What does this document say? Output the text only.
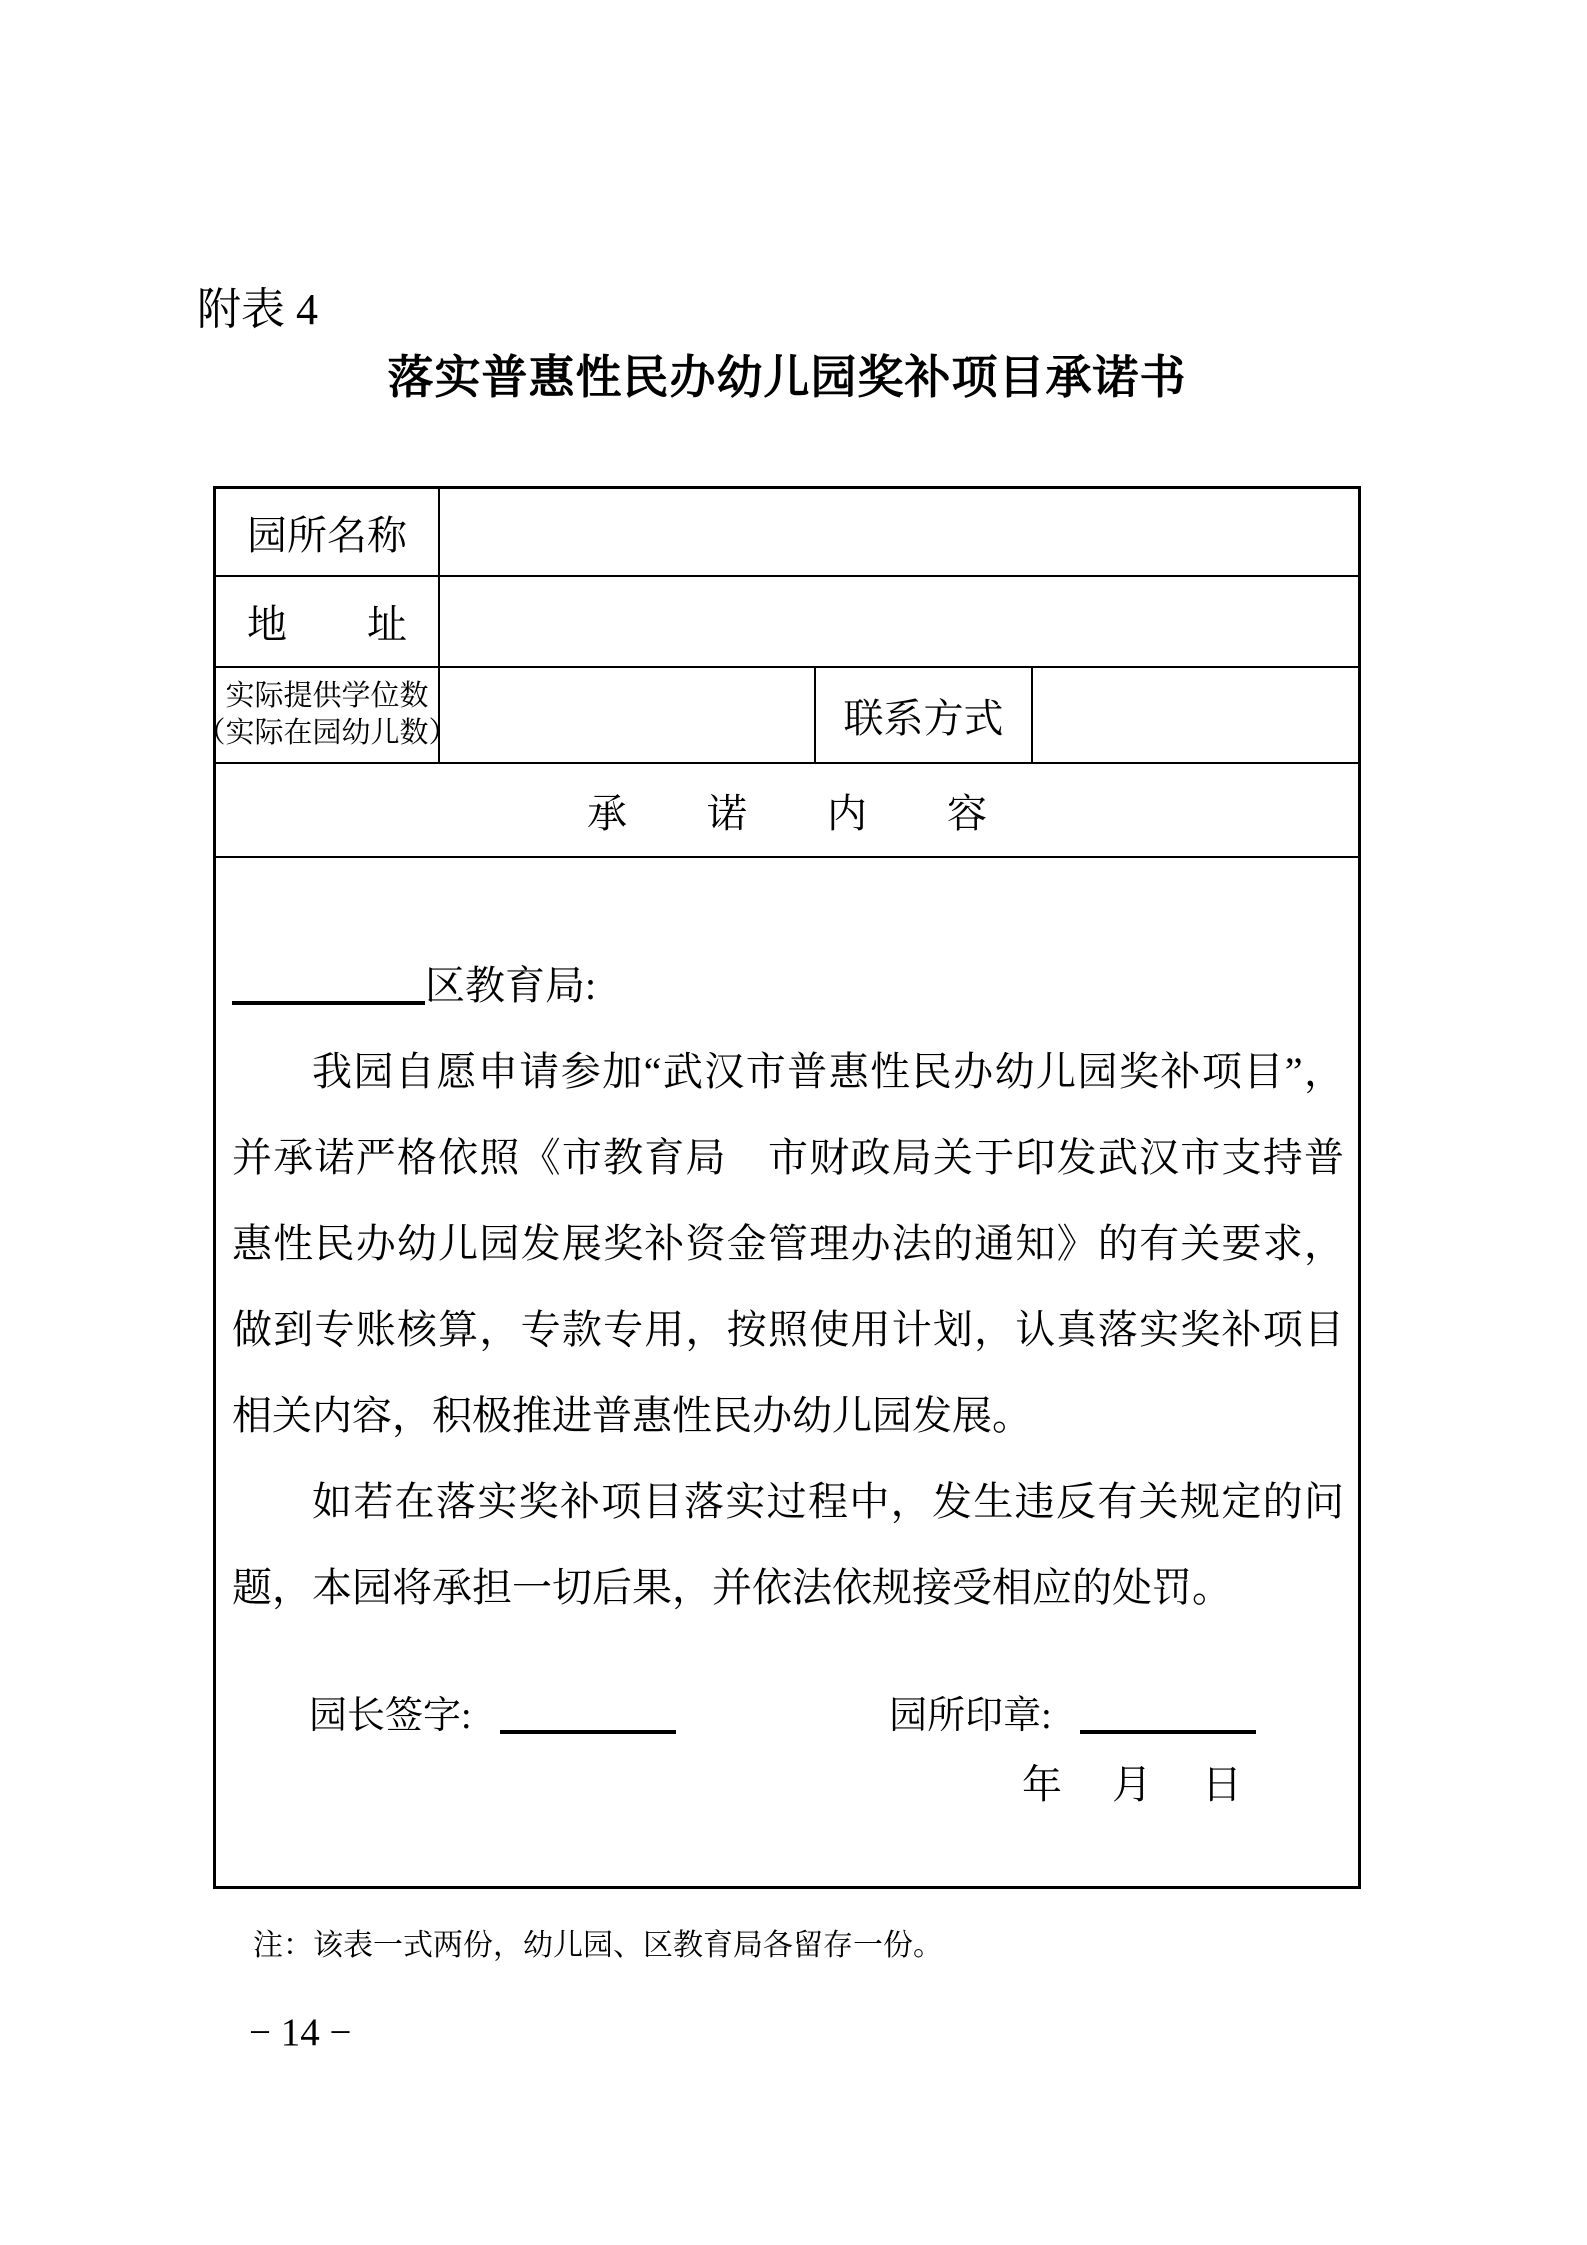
附表 4
落实普惠性民办幼儿园奖补项目承诺书
园所名称
地　　址
实际提供学位数
（实际在园幼儿数）	联系方式
承　　诺　　内　　容
区教育局:

我园自愿申请参加“武汉市普惠性民办幼儿园奖补项目”，并承诺严格依照《市教育局　市财政局关于印发武汉市支持普惠性民办幼儿园发展奖补资金管理办法的通知》的有关要求，做到专账核算，专款专用，按照使用计划，认真落实奖补项目相关内容，积极推进普惠性民办幼儿园发展。

如若在落实奖补项目落实过程中，发生违反有关规定的问题，本园将承担一切后果，并依法依规接受相应的处罚。

园长签字:	园所印章:
年　 月　 日
注：该表一式两份，幼儿园、区教育局各留存一份。
− 14 −
